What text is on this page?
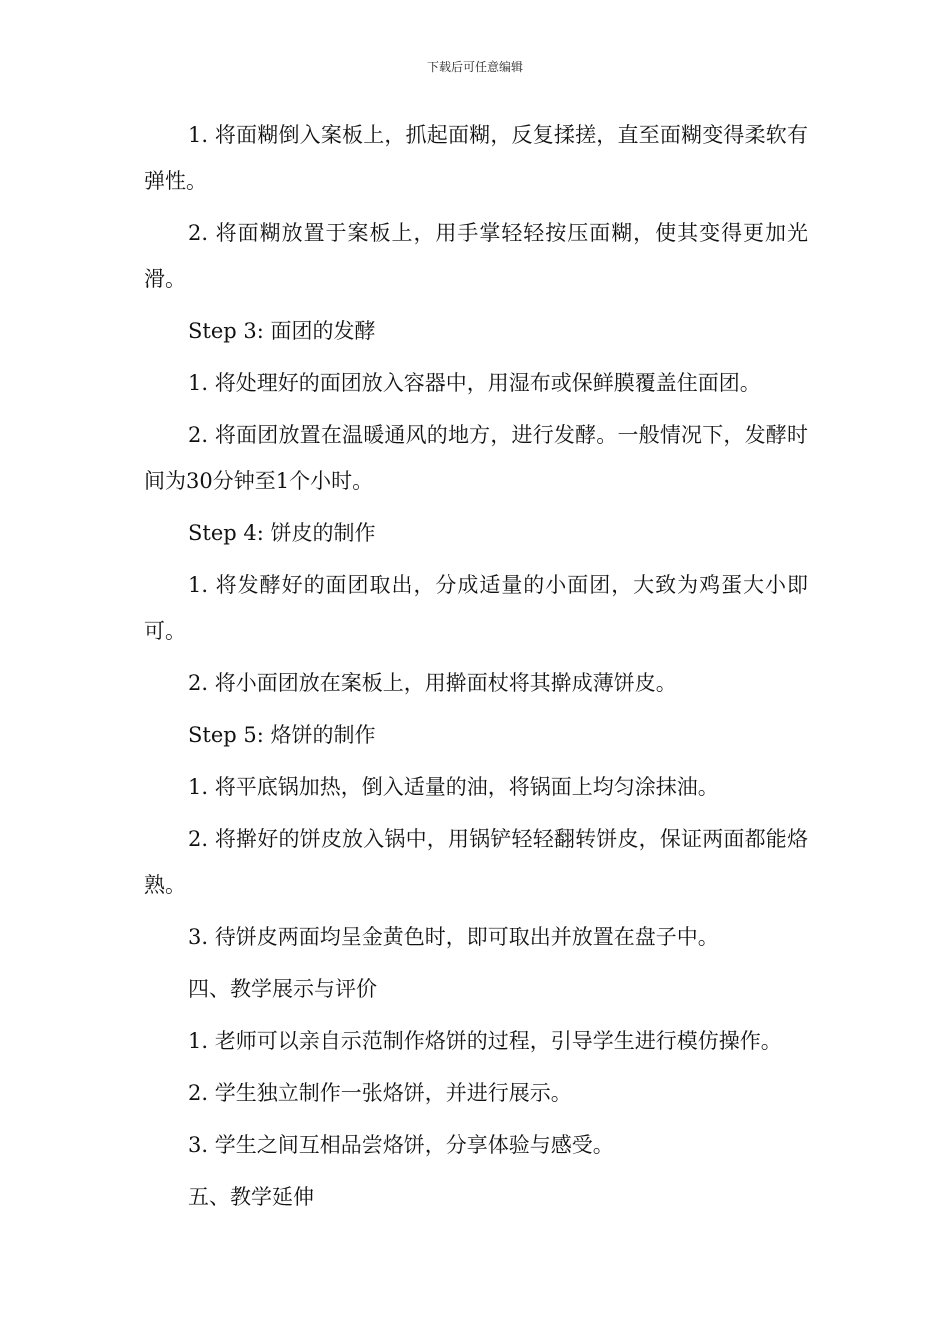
下载后可任意编辑

1. 将面糊倒入案板上，抓起面糊，反复揉搓，直至面糊变得柔软有弹性。

2. 将面糊放置于案板上，用手掌轻轻按压面糊，使其变得更加光滑。

Step 3: 面团的发酵

1. 将处理好的面团放入容器中，用湿布或保鲜膜覆盖住面团。

2. 将面团放置在温暖通风的地方，进行发酵。一般情况下，发酵时间为30分钟至1个小时。

Step 4: 饼皮的制作

1. 将发酵好的面团取出，分成适量的小面团，大致为鸡蛋大小即可。

2. 将小面团放在案板上，用擀面杖将其擀成薄饼皮。

Step 5: 烙饼的制作

1. 将平底锅加热，倒入适量的油，将锅面上均匀涂抹油。

2. 将擀好的饼皮放入锅中，用锅铲轻轻翻转饼皮，保证两面都能烙熟。

3. 待饼皮两面均呈金黄色时，即可取出并放置在盘子中。

四、教学展示与评价

1. 老师可以亲自示范制作烙饼的过程，引导学生进行模仿操作。

2. 学生独立制作一张烙饼，并进行展示。

3. 学生之间互相品尝烙饼，分享体验与感受。

五、教学延伸
